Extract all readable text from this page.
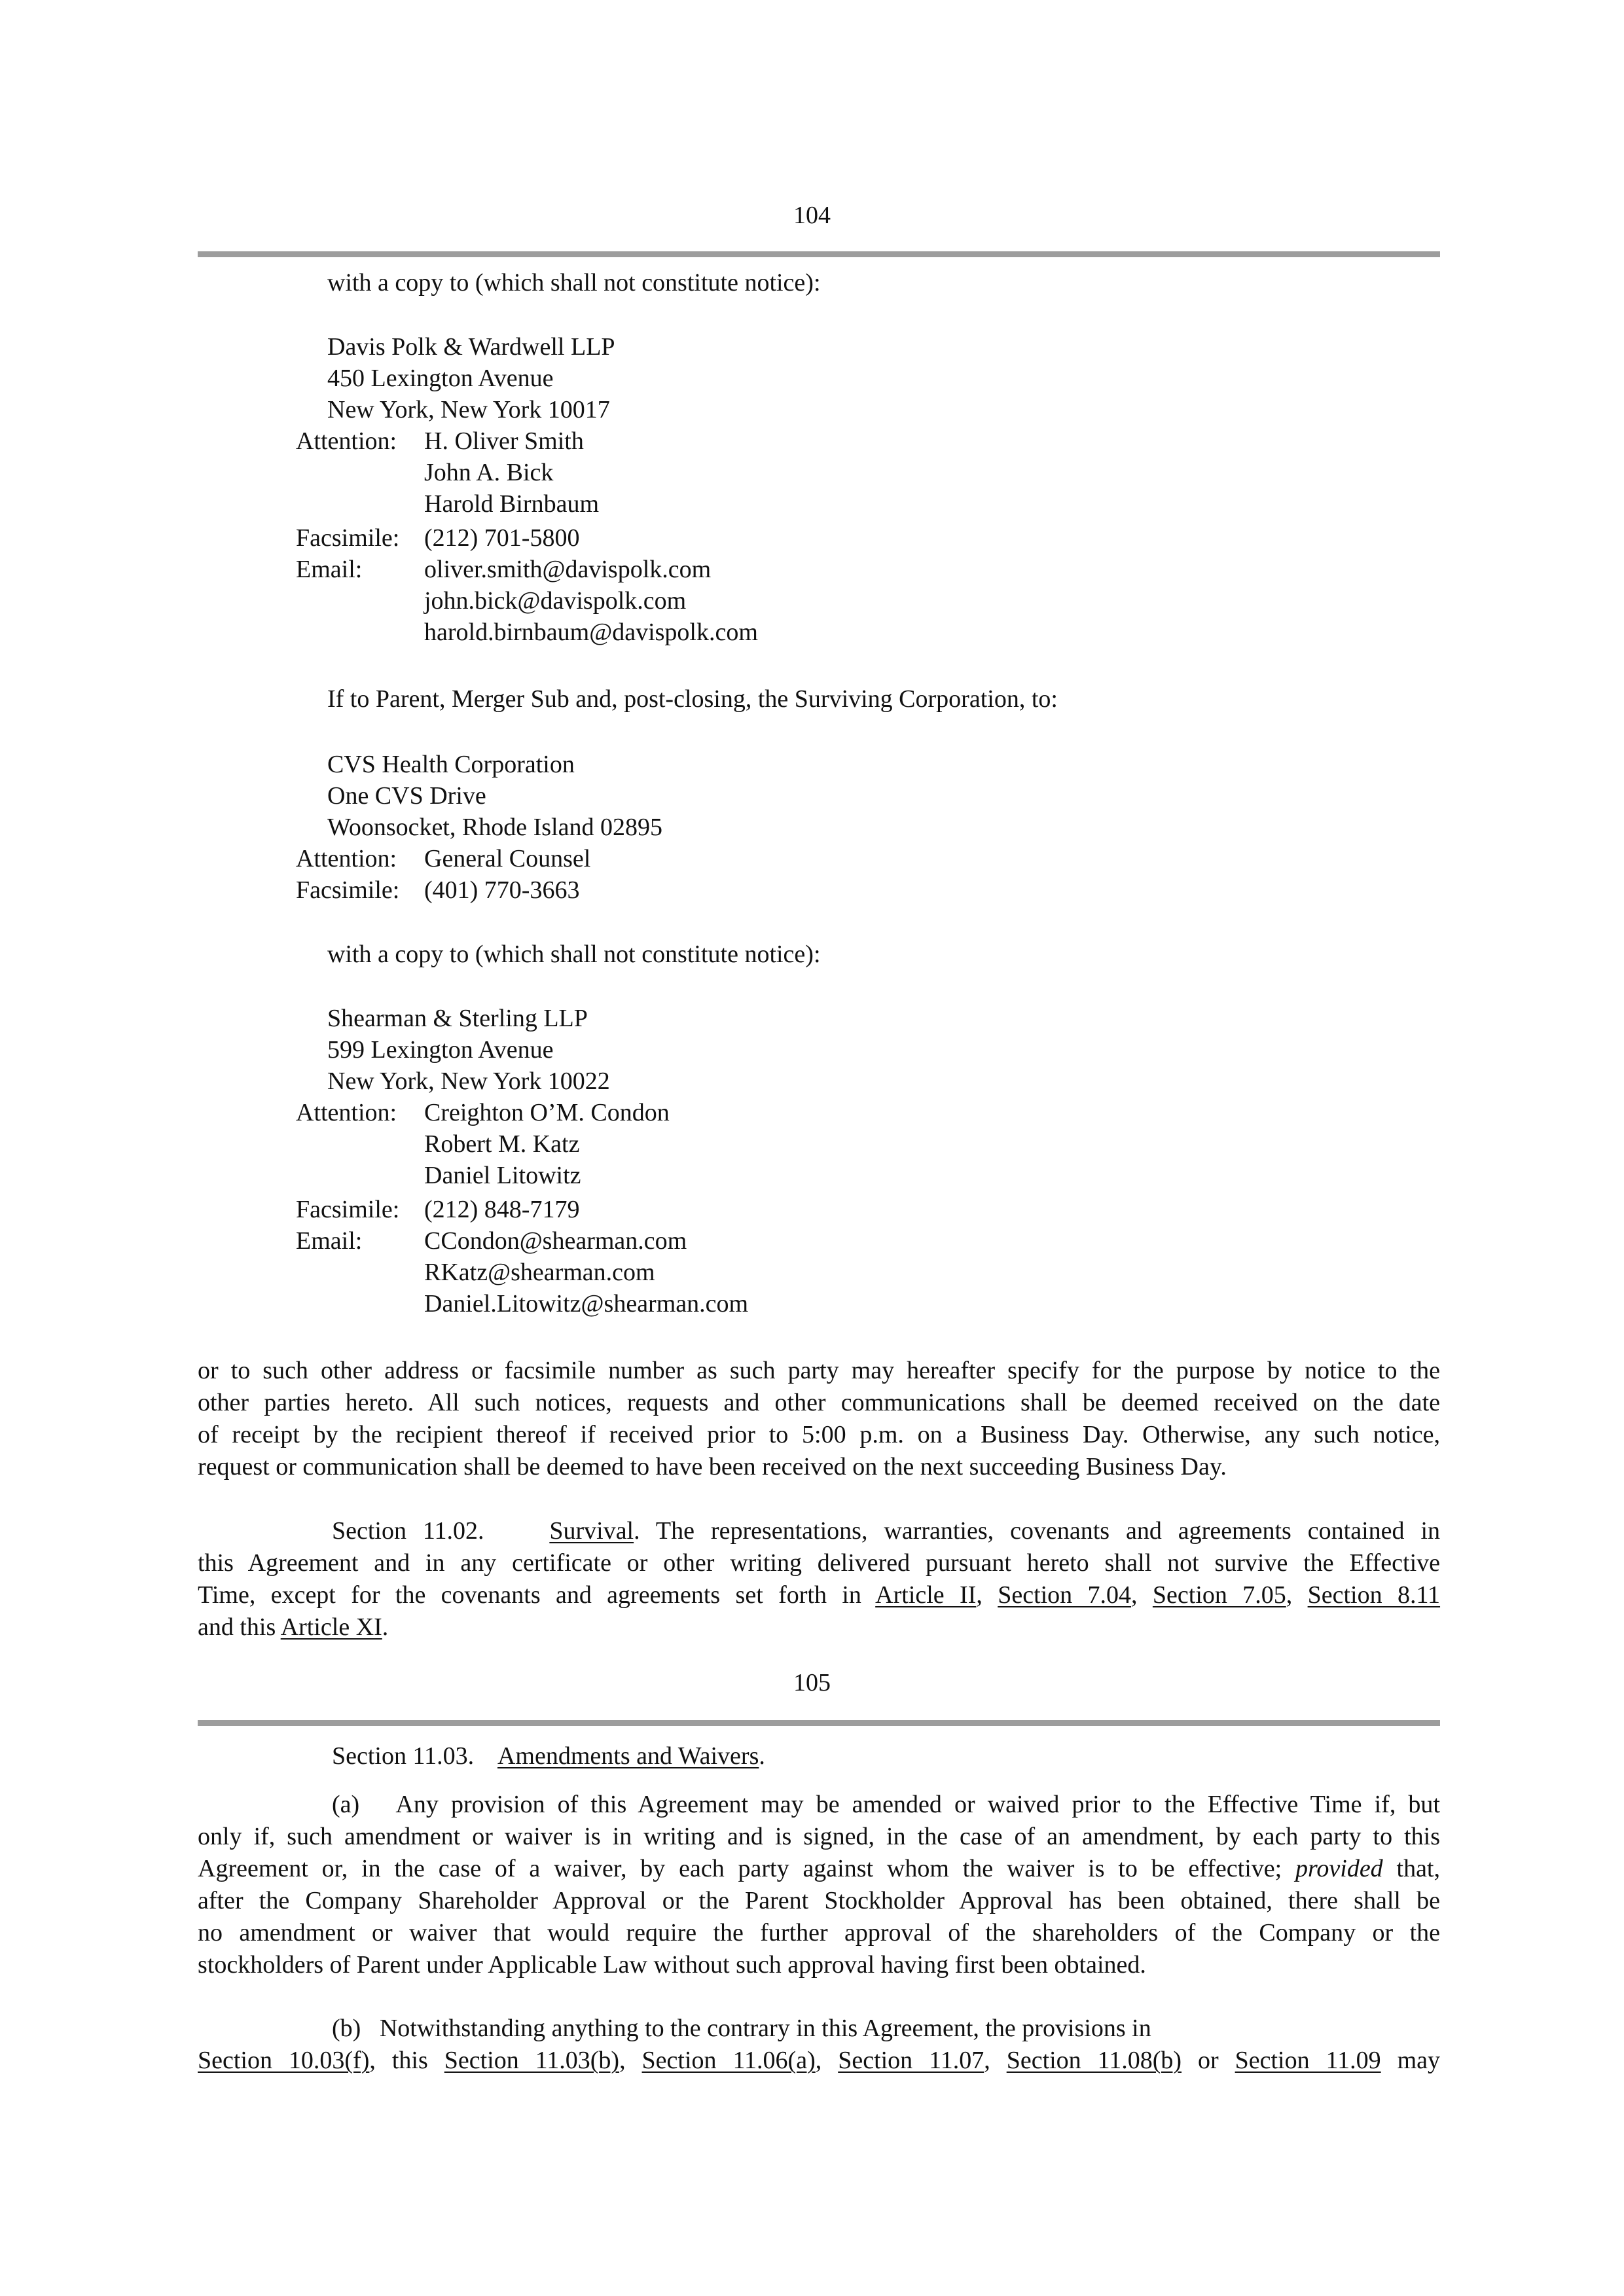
104
with a copy to (which shall not constitute notice):
Davis Polk & Wardwell LLP
450 Lexington Avenue
New York, New York 10017
Attention: H. Oliver Smith
John A. Bick
Harold Birnbaum
Facsimile: (212) 701-5800
Email: oliver.smith@davispolk.com
john.bick@davispolk.com
harold.birnbaum@davispolk.com
If to Parent, Merger Sub and, post-closing, the Surviving Corporation, to:
CVS Health Corporation
One CVS Drive
Woonsocket, Rhode Island 02895
Attention: General Counsel
Facsimile: (401) 770-3663
with a copy to (which shall not constitute notice):
Shearman & Sterling LLP
599 Lexington Avenue
New York, New York 10022
Attention: Creighton O’M. Condon
Robert M. Katz
Daniel Litowitz
Facsimile: (212) 848-7179
Email: CCondon@shearman.com
RKatz@shearman.com
Daniel.Litowitz@shearman.com
or to such other address or facsimile number as such party may hereafter specify for the purpose by notice to the
other parties hereto. All such notices, requests and other communications shall be deemed received on the date
of receipt by the recipient thereof if received prior to 5:00 p.m. on a Business Day. Otherwise, any such notice,
request or communication shall be deemed to have been received on the next succeeding Business Day.
Section 11.02.	Survival. The representations, warranties, covenants and agreements contained in
this Agreement and in any certificate or other writing delivered pursuant hereto shall not survive the Effective
Time, except for the covenants and agreements set forth in Article II, Section 7.04, Section 7.05, Section 8.11
and this Article XI.
105
Section 11.03. Amendments and Waivers.
(a) Any provision of this Agreement may be amended or waived prior to the Effective Time if, but
only if, such amendment or waiver is in writing and is signed, in the case of an amendment, by each party to this
Agreement or, in the case of a waiver, by each party against whom the waiver is to be effective; provided that,
after the Company Shareholder Approval or the Parent Stockholder Approval has been obtained, there shall be
no amendment or waiver that would require the further approval of the shareholders of the Company or the
stockholders of Parent under Applicable Law without such approval having first been obtained.
(b) Notwithstanding anything to the contrary in this Agreement, the provisions in
Section 10.03(f), this Section 11.03(b), Section 11.06(a), Section 11.07, Section 11.08(b) or Section 11.09 may
